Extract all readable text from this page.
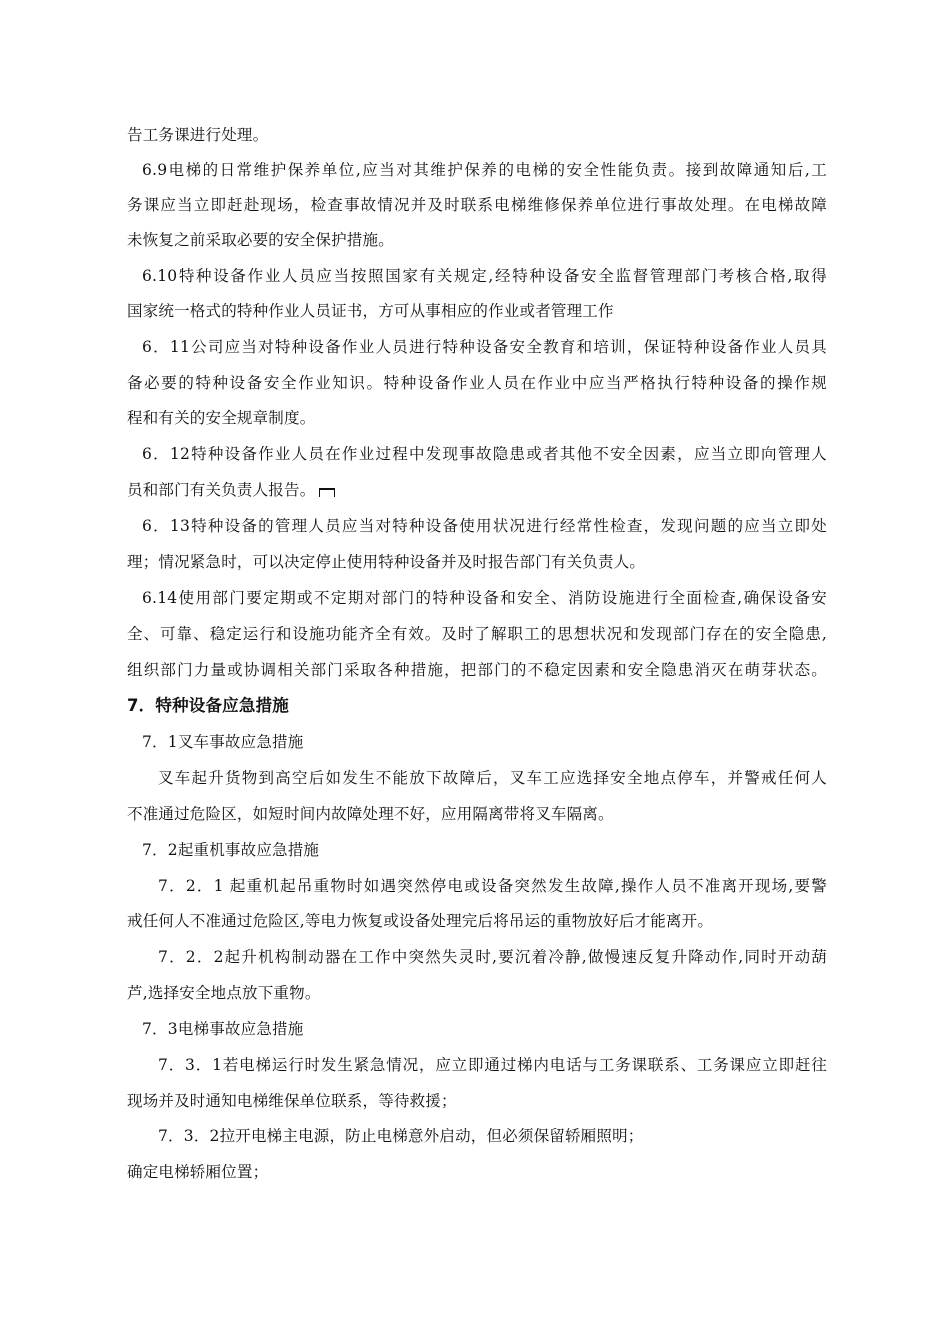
告工务课进行处理。
6.9电梯的日常维护保养单位,应当对其维护保养的电梯的安全性能负责。接到故障通知后,工
务课应当立即赶赴现场，检查事故情况并及时联系电梯维修保养单位进行事故处理。在电梯故障
未恢复之前采取必要的安全保护措施。
6.10特种设备作业人员应当按照国家有关规定,经特种设备安全监督管理部门考核合格,取得
国家统一格式的特种作业人员证书，方可从事相应的作业或者管理工作
6．11公司应当对特种设备作业人员进行特种设备安全教育和培训，保证特种设备作业人员具
备必要的特种设备安全作业知识。特种设备作业人员在作业中应当严格执行特种设备的操作规
程和有关的安全规章制度。
6．12特种设备作业人员在作业过程中发现事故隐患或者其他不安全因素，应当立即向管理人
员和部门有关负责人报告。
6．13特种设备的管理人员应当对特种设备使用状况进行经常性检查，发现问题的应当立即处
理；情况紧急时，可以决定停止使用特种设备并及时报告部门有关负责人。
6.14使用部门要定期或不定期对部门的特种设备和安全、消防设施进行全面检查,确保设备安
全、可靠、稳定运行和设施功能齐全有效。及时了解职工的思想状况和发现部门存在的安全隐患,
组织部门力量或协调相关部门采取各种措施，把部门的不稳定因素和安全隐患消灭在萌芽状态。
7．特种设备应急措施
7．1叉车事故应急措施
叉车起升货物到高空后如发生不能放下故障后，叉车工应选择安全地点停车，并警戒任何人
不准通过危险区，如短时间内故障处理不好，应用隔离带将叉车隔离。
7．2起重机事故应急措施
7．2．1 起重机起吊重物时如遇突然停电或设备突然发生故障,操作人员不准离开现场,要警
戒任何人不准通过危险区,等电力恢复或设备处理完后将吊运的重物放好后才能离开。
7．2．2起升机构制动器在工作中突然失灵时,要沉着冷静,做慢速反复升降动作,同时开动葫
芦,选择安全地点放下重物。
7．3电梯事故应急措施
7．3．1若电梯运行时发生紧急情况，应立即通过梯内电话与工务课联系、工务课应立即赶往
现场并及时通知电梯维保单位联系，等待救援；
7．3．2拉开电梯主电源，防止电梯意外启动，但必须保留轿厢照明；
确定电梯轿厢位置；
